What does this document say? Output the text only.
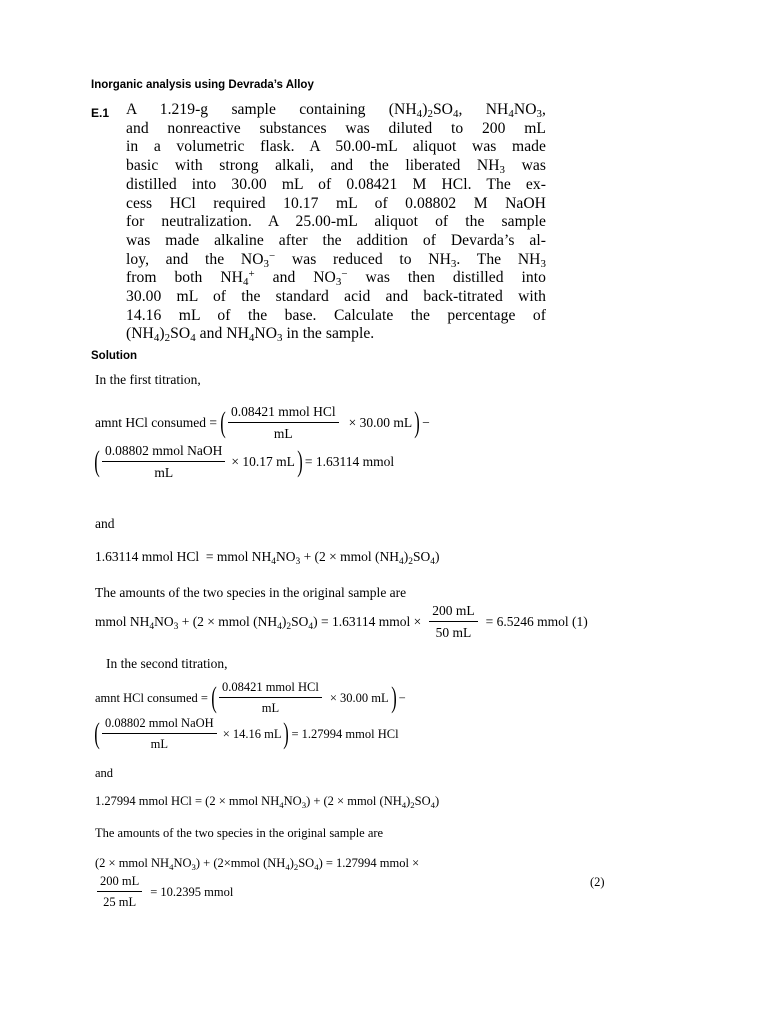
Inorganic analysis using Devrada’s Alloy
E.1 A 1.219-g sample containing $(NH_4)_2SO_4$, $NH_4NO_3$,
and nonreactive substances was diluted to 200 mL
in a volumetric flask. A 50.00-mL aliquot was made
basic with strong alkali, and the liberated $NH_3$ was
distilled into 30.00 mL of 0.08421 M HCl. The ex-
cess HCl required 10.17 mL of 0.08802 M NaOH
for neutralization. A 25.00-mL aliquot of the sample
was made alkaline after the addition of Devarda’s al-
loy, and the $NO_3^-$ was reduced to $NH_3$. The $NH_3$
from both $NH_4^+$ and $NO_3^-$ was then distilled into
30.00 mL of the standard acid and back-titrated with
14.16 mL of the base. Calculate the percentage of
$(NH_4)_2SO_4$ and $NH_4NO_3$ in the sample.
Solution
In the first titration,
amnt HCl consumed = ( $\frac{\text{0.08421 mmol HCl}}{mL} \times 30.00$ mL ) −
( $\frac{\text{0.08802 mmol NaOH}}{mL} \times 10.17$ mL ) = 1.63114 mmol
and
1.63114 mmol HCl  = mmol $NH_4NO_3 + (2$ × mmol $(NH_4)_2SO_4$)
The amounts of the two species in the original sample are
mmol $NH_4NO_3 + (2$ × mmol $(NH_4)_2SO_4) = 1.63114$ mmol × $\frac{200 mL}{50 mL} = 6.5246$ mmol (1)
In the second titration,
amnt HCl consumed = ( $\frac{\text{0.08421 mmol HCl}}{mL} \times 30.00$ mL ) −
( $\frac{\text{0.08802 mmol NaOH}}{mL} \times 14.16$ mL ) = 1.27994 mmol HCl
and
1.27994 mmol HCl = (2 × mmol $NH_4NO_3) + (2$ × mmol $(NH_4)_2SO_4$)
The amounts of the two species in the original sample are
(2 × mmol $NH_4NO_3$) + (2×mmol $(NH_4)_2SO_4) = 1.27994$ mmol ×
$\frac{200 mL}{25 mL} = 10.2395$ mmol
(2)
